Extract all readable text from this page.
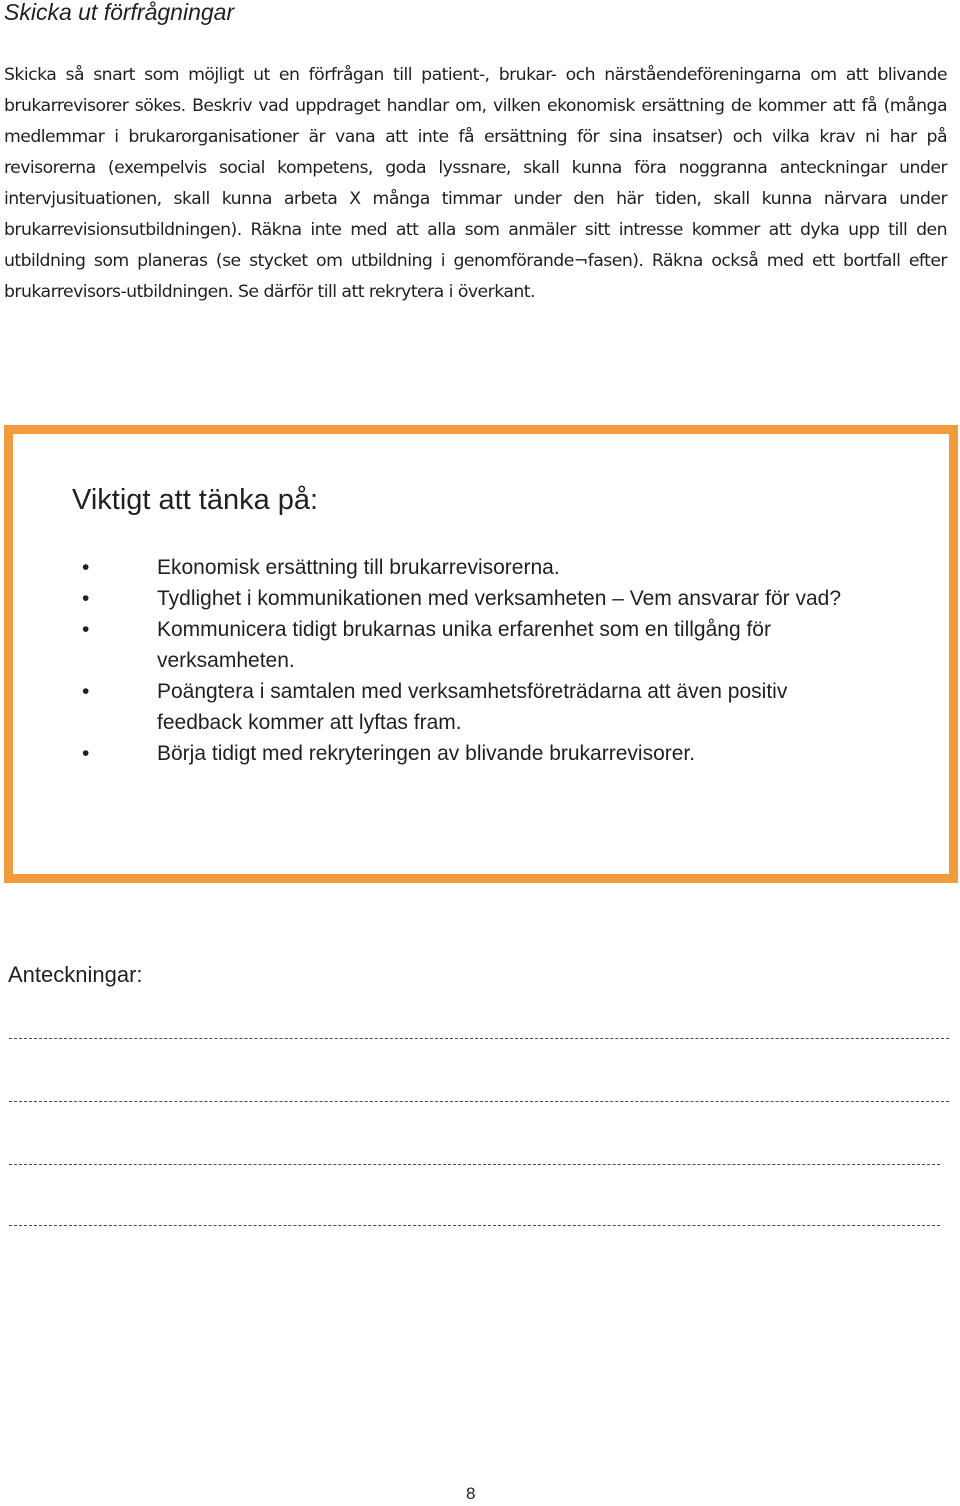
Skicka ut förfrågningar

Skicka så snart som möjligt ut en förfrågan till patient-, brukar- och närståendeföreningarna om att blivande brukarrevisorer sökes. Beskriv vad uppdraget handlar om, vilken ekonomisk ersättning de kommer att få (många medlemmar i brukarorganisationer är vana att inte få ersättning för sina insatser) och vilka krav ni har på revisorerna (exempelvis social kompetens, goda lyssnare, skall kunna föra noggranna anteckningar under intervjusituationen, skall kunna arbeta X många timmar under den här tiden, skall kunna närvara under brukarrevisionsutbildningen). Räkna inte med att alla som anmäler sitt intresse kommer att dyka upp till den utbildning som planeras (se stycket om utbildning i genomförande¬fasen). Räkna också med ett bortfall efter brukarrevisors-utbildningen. Se därför till att rekrytera i överkant.

Viktigt att tänka på:
•	Ekonomisk ersättning till brukarrevisorerna.
•	Tydlighet i kommunikationen med verksamheten – Vem ansvarar för vad?
•	Kommunicera tidigt brukarnas unika erfarenhet som en tillgång för verksamheten.
•	Poängtera i samtalen med verksamhetsföreträdarna att även positiv feedback kommer att lyftas fram.
•	Börja tidigt med rekryteringen av blivande brukarrevisorer.
Anteckningar:
8
